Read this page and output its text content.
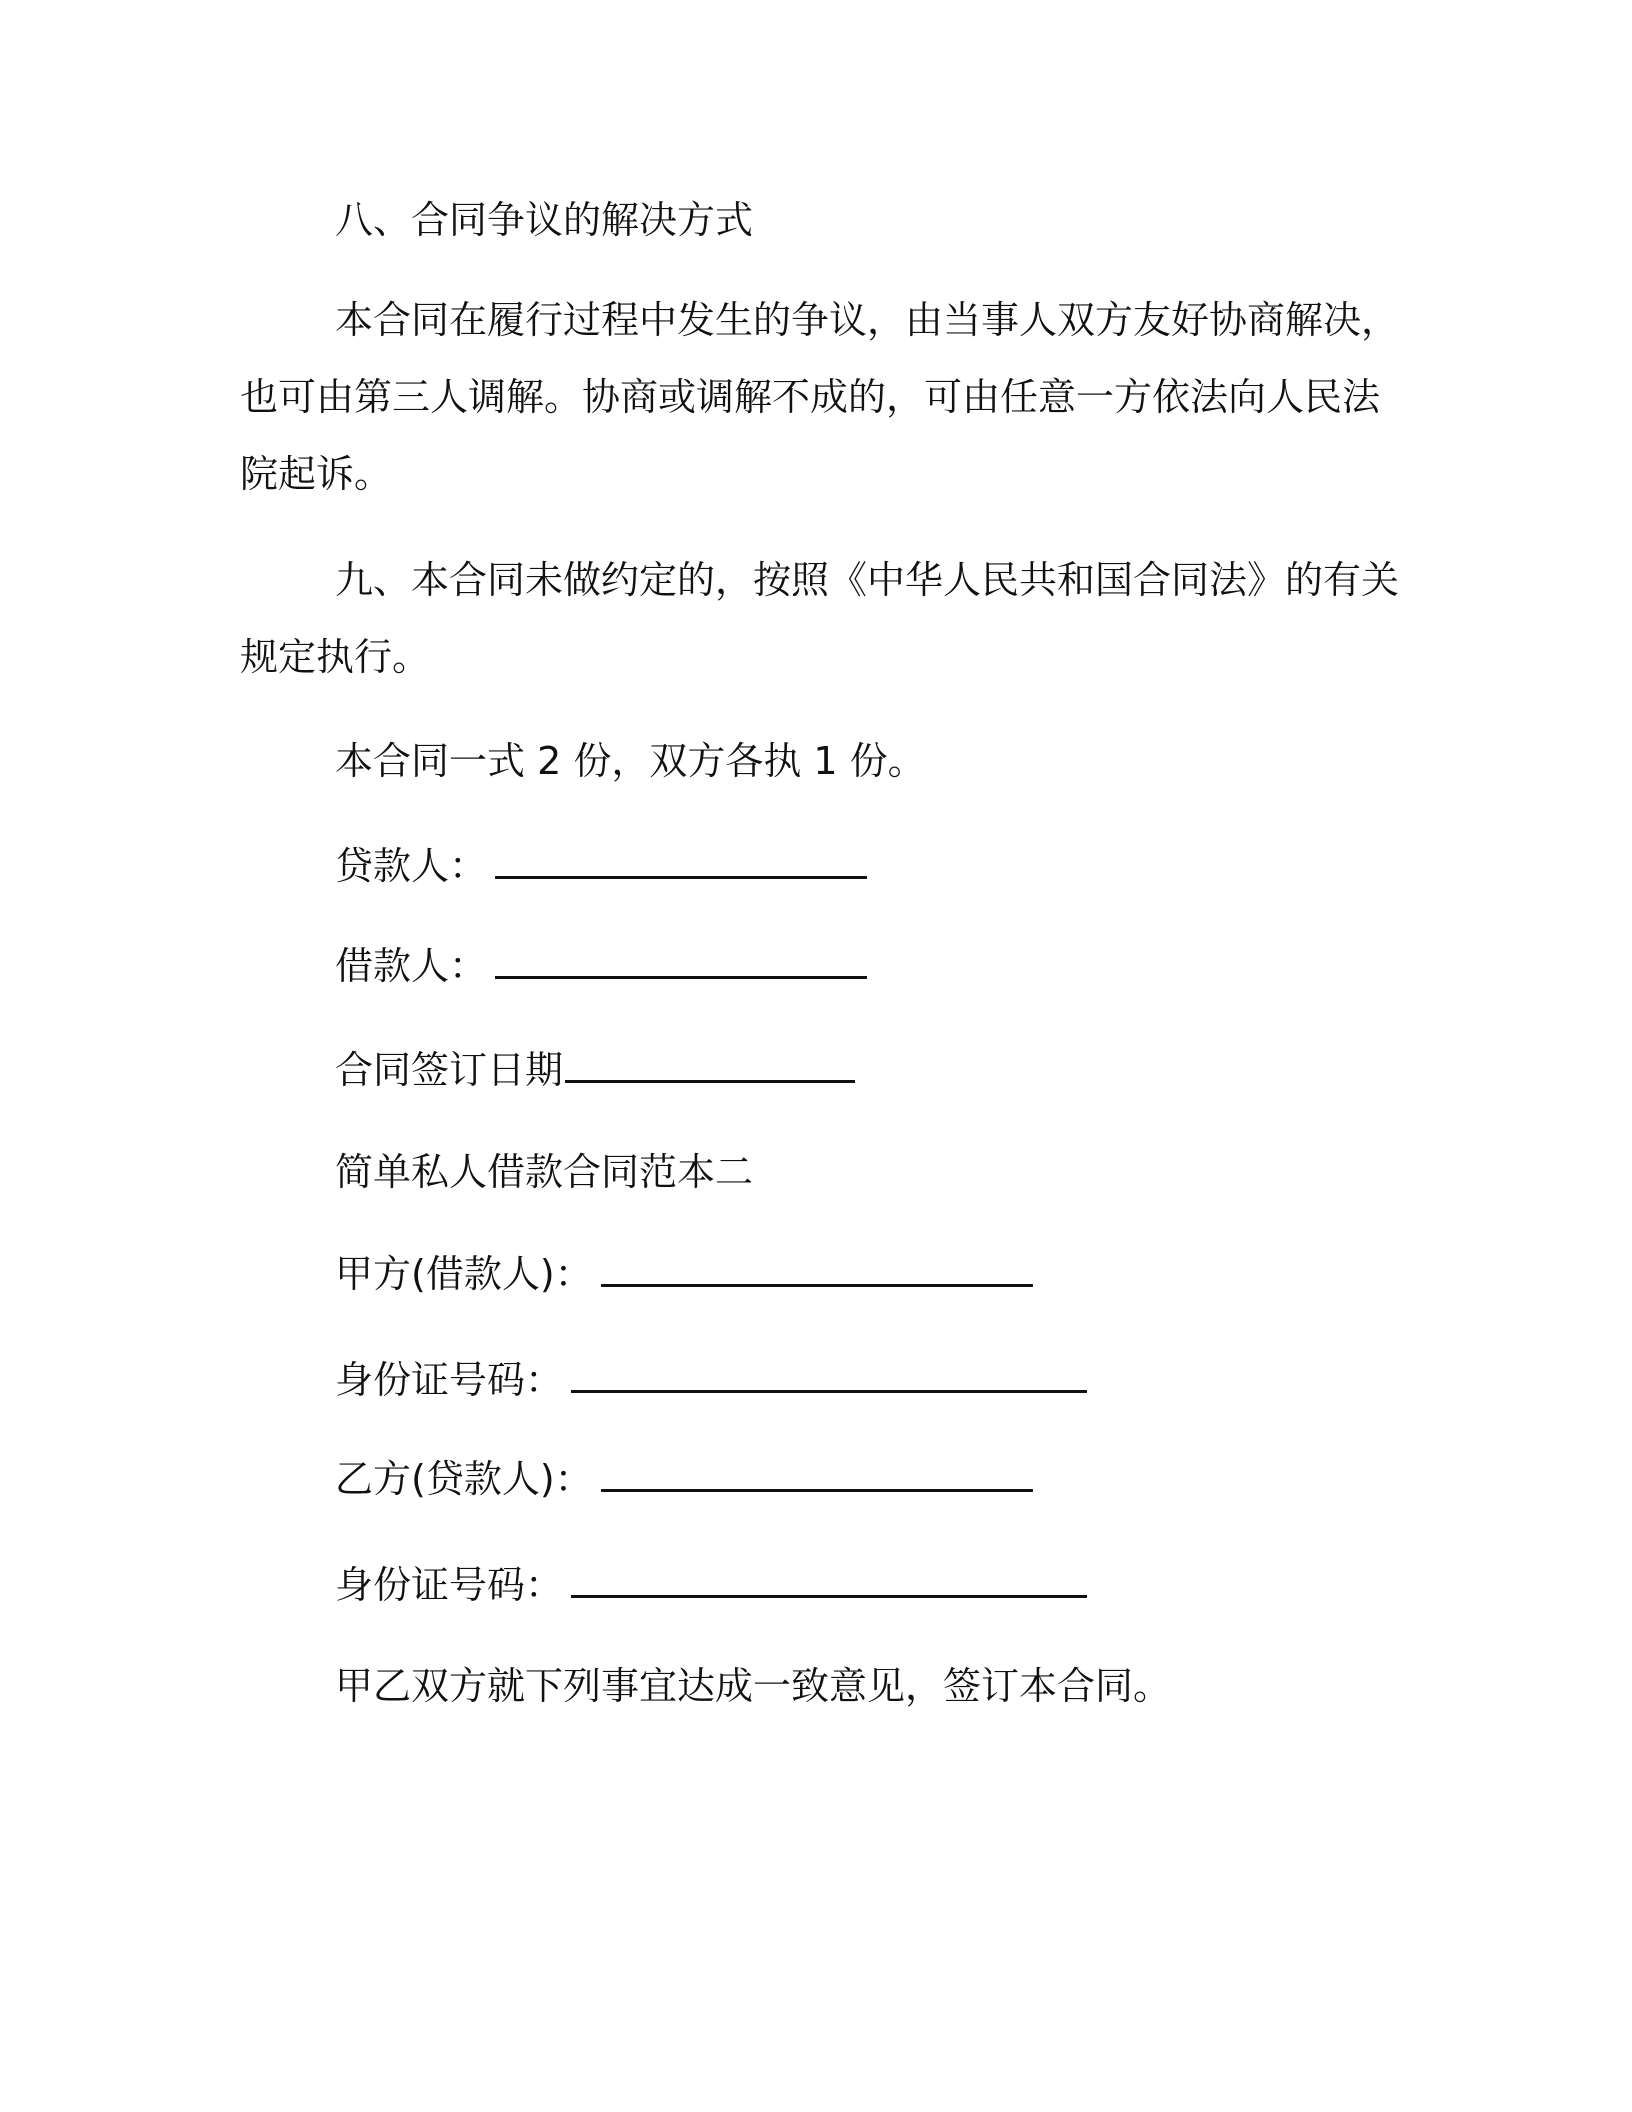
八、合同争议的解决方式

本合同在履行过程中发生的争议，由当事人双方友好协商解决，
也可由第三人调解。协商或调解不成的，可由任意一方依法向人民法
院起诉。
九、本合同未做约定的，按照《中华人民共和国合同法》的有关
规定执行。

本合同一式 2 份，双方各执 1 份。

贷款人：

借款人：

合同签订日期

简单私人借款合同范本二

甲方(借款人)：

身份证号码：

乙方(贷款人)：

身份证号码：

甲乙双方就下列事宜达成一致意见，签订本合同。
